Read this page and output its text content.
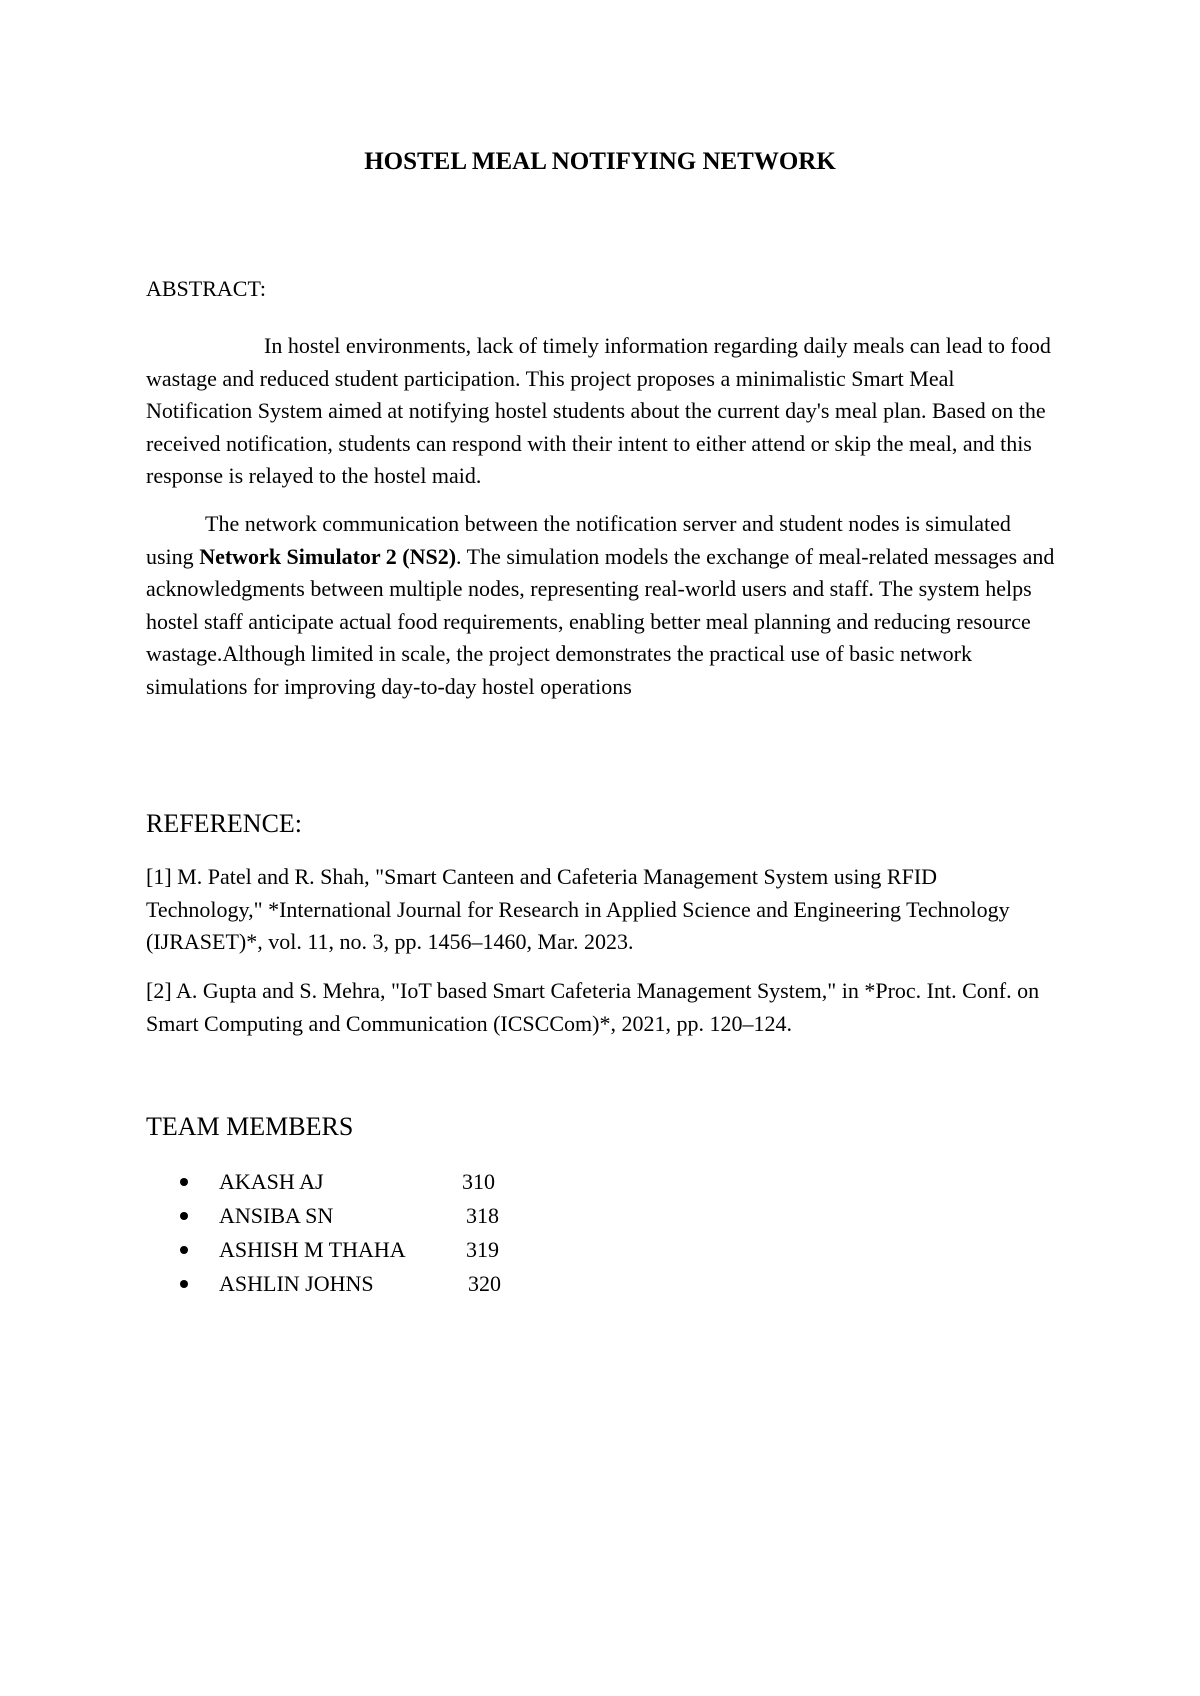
HOSTEL MEAL NOTIFYING NETWORK
ABSTRACT:

In hostel environments, lack of timely information regarding daily meals can lead to food wastage and reduced student participation. This project proposes a minimalistic Smart Meal Notification System aimed at notifying hostel students about the current day's meal plan. Based on the received notification, students can respond with their intent to either attend or skip the meal, and this response is relayed to the hostel maid.

The network communication between the notification server and student nodes is simulated using Network Simulator 2 (NS2). The simulation models the exchange of meal-related messages and acknowledgments between multiple nodes, representing real-world users and staff. The system helps hostel staff anticipate actual food requirements, enabling better meal planning and reducing resource wastage.Although limited in scale, the project demonstrates the practical use of basic network simulations for improving day-to-day hostel operations

REFERENCE:

[1] M. Patel and R. Shah, "Smart Canteen and Cafeteria Management System using RFID Technology," *International Journal for Research in Applied Science and Engineering Technology (IJRASET)*, vol. 11, no. 3, pp. 1456–1460, Mar. 2023.

[2] A. Gupta and S. Mehra, "IoT based Smart Cafeteria Management System," in *Proc. Int. Conf. on Smart Computing and Communication (ICSCCom)*, 2021, pp. 120–124.

TEAM MEMBERS
AKASH AJ	310
ANSIBA SN	318
ASHISH M THAHA	319
ASHLIN JOHNS	320
